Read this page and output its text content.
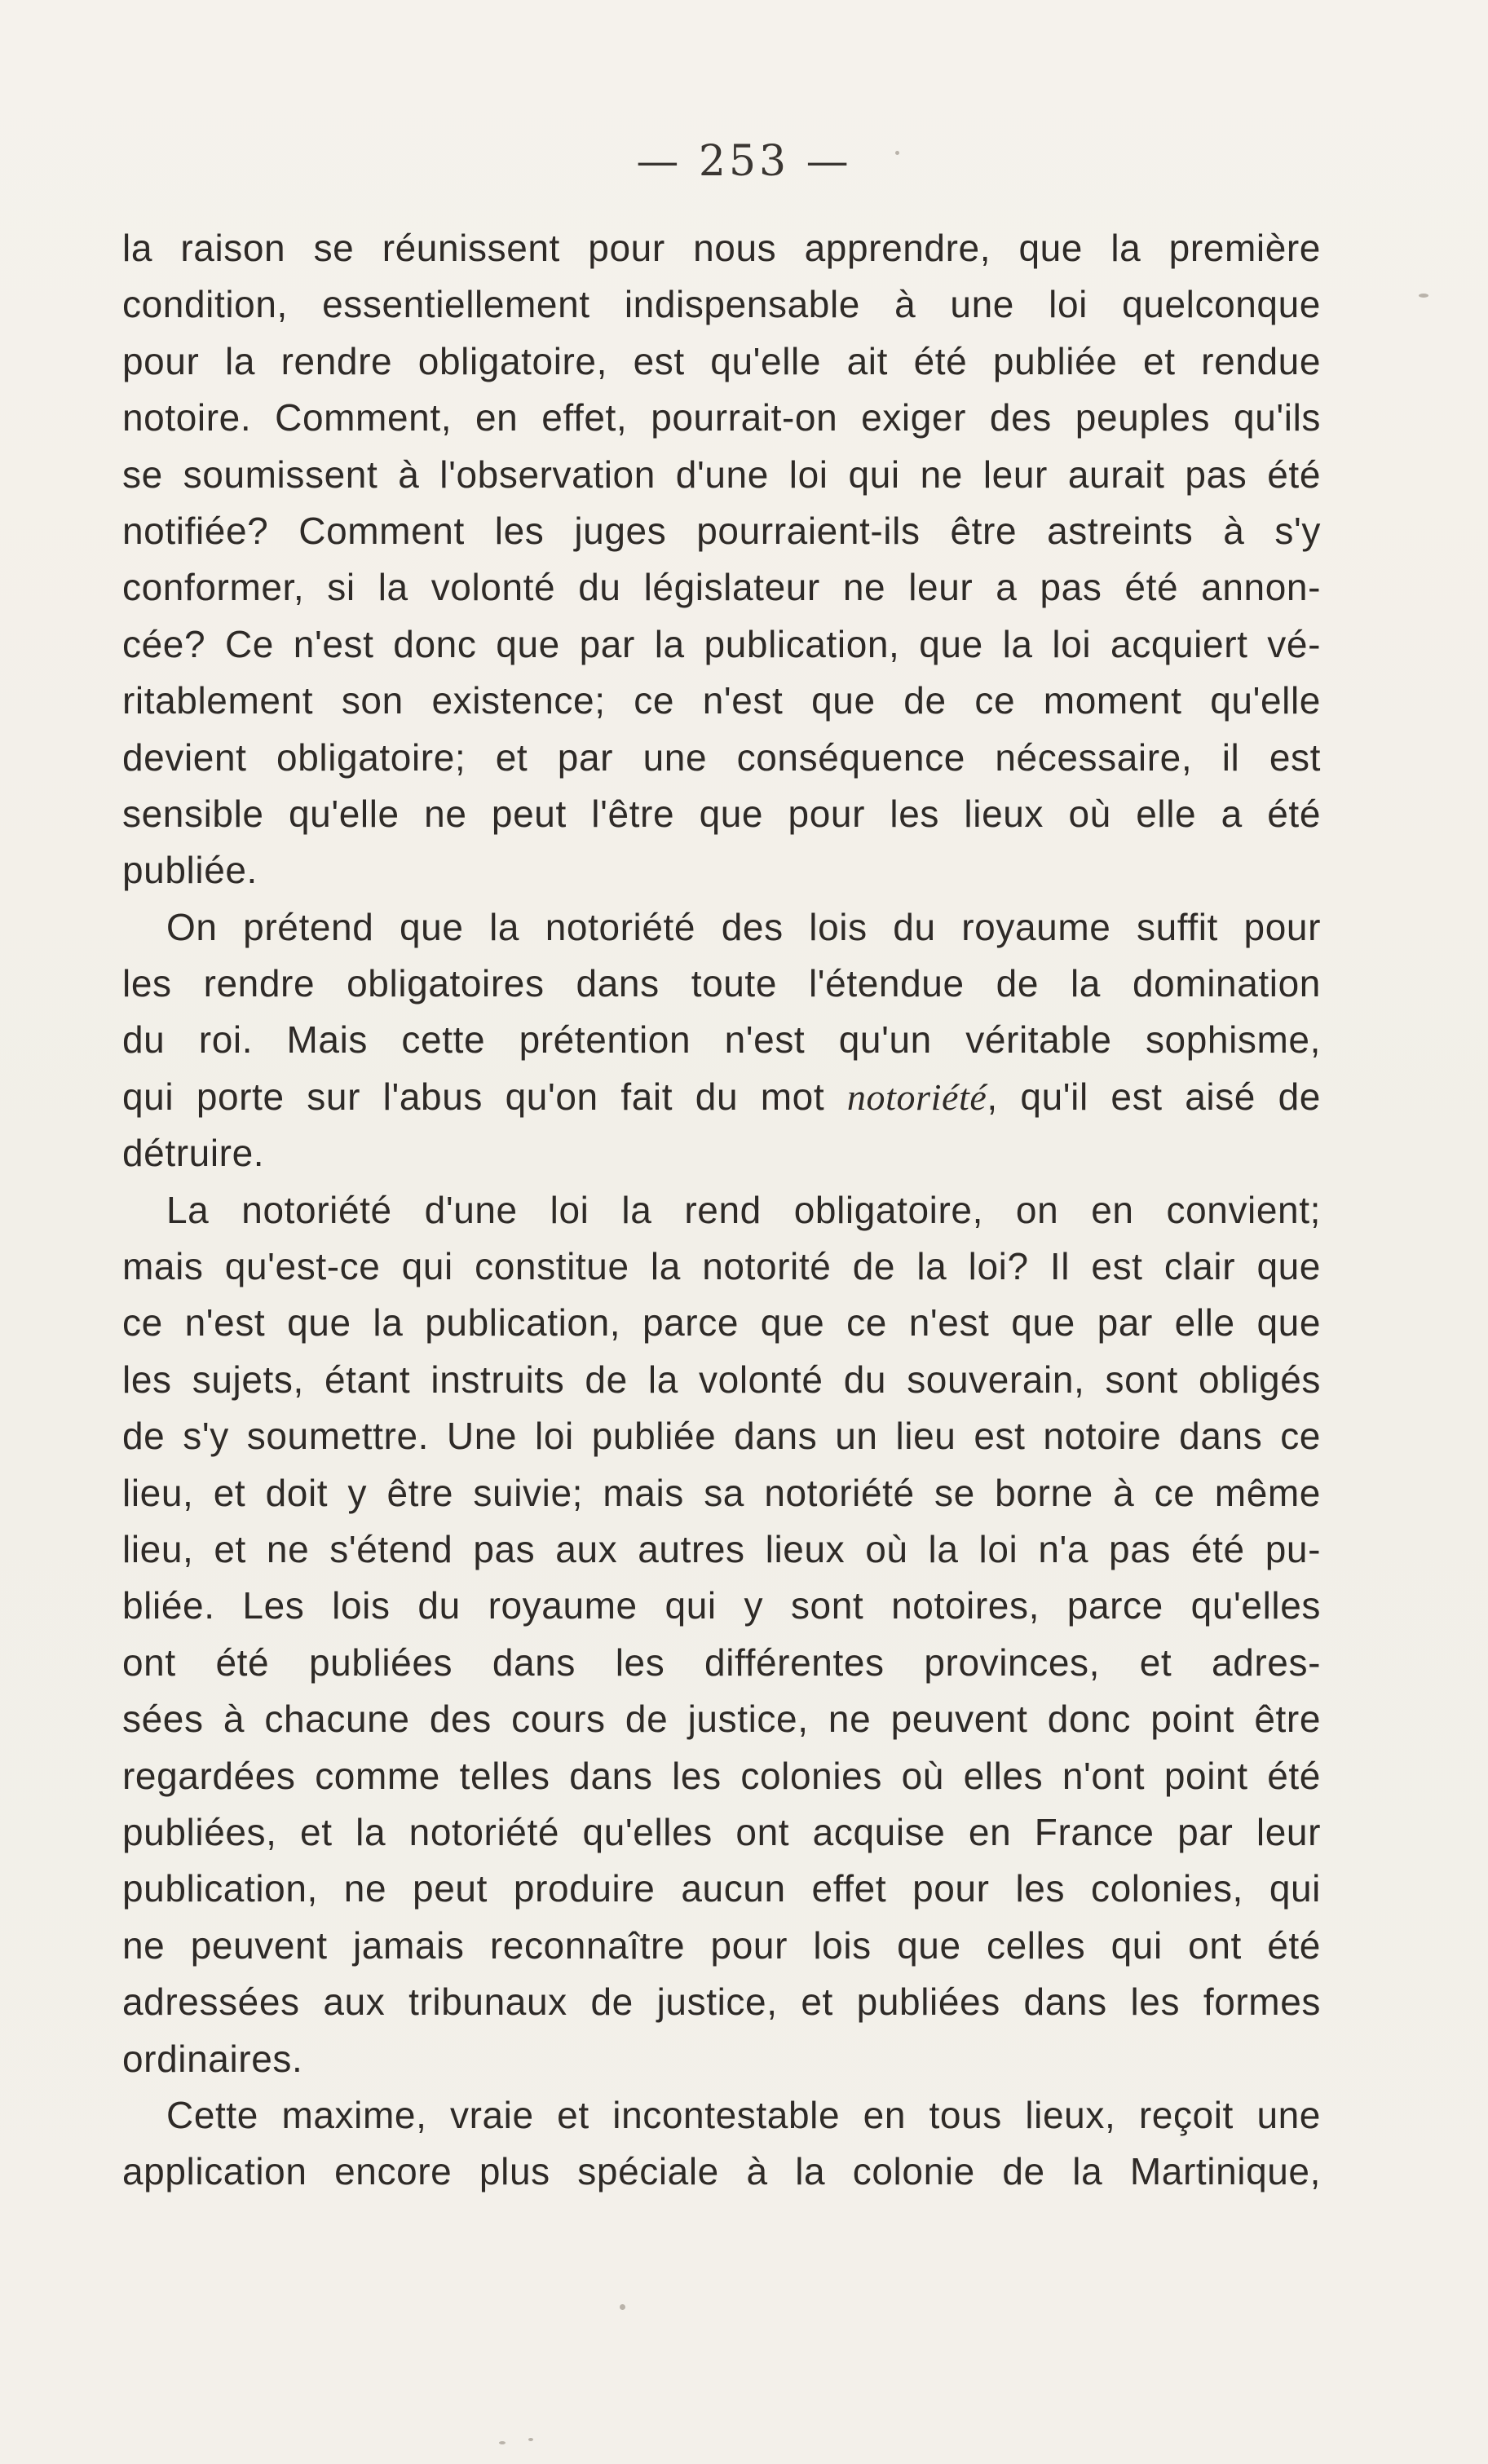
— 253 —
la raison se réunissent pour nous apprendre, que la première
condition, essentiellement indispensable à une loi quelconque
pour la rendre obligatoire, est qu'elle ait été publiée et rendue
notoire. Comment, en effet, pourrait-on exiger des peuples qu'ils
se soumissent à l'observation d'une loi qui ne leur aurait pas été
notifiée? Comment les juges pourraient-ils être astreints à s'y
conformer, si la volonté du législateur ne leur a pas été annon-
cée? Ce n'est donc que par la publication, que la loi acquiert vé-
ritablement son existence; ce n'est que de ce moment qu'elle
devient obligatoire; et par une conséquence nécessaire, il est
sensible qu'elle ne peut l'être que pour les lieux où elle a été
publiée.
On prétend que la notoriété des lois du royaume suffit pour
les rendre obligatoires dans toute l'étendue de la domination
du roi. Mais cette prétention n'est qu'un véritable sophisme,
qui porte sur l'abus qu'on fait du mot notoriété, qu'il est aisé de
détruire.
La notoriété d'une loi la rend obligatoire, on en convient;
mais qu'est-ce qui constitue la notorité de la loi? Il est clair que
ce n'est que la publication, parce que ce n'est que par elle que
les sujets, étant instruits de la volonté du souverain, sont obligés
de s'y soumettre. Une loi publiée dans un lieu est notoire dans ce
lieu, et doit y être suivie; mais sa notoriété se borne à ce même
lieu, et ne s'étend pas aux autres lieux où la loi n'a pas été pu-
bliée. Les lois du royaume qui y sont notoires, parce qu'elles
ont été publiées dans les différentes provinces, et adres-
sées à chacune des cours de justice, ne peuvent donc point être
regardées comme telles dans les colonies où elles n'ont point été
publiées, et la notoriété qu'elles ont acquise en France par leur
publication, ne peut produire aucun effet pour les colonies, qui
ne peuvent jamais reconnaître pour lois que celles qui ont été
adressées aux tribunaux de justice, et publiées dans les formes
ordinaires.
Cette maxime, vraie et incontestable en tous lieux, reçoit une
application encore plus spéciale à la colonie de la Martinique,
